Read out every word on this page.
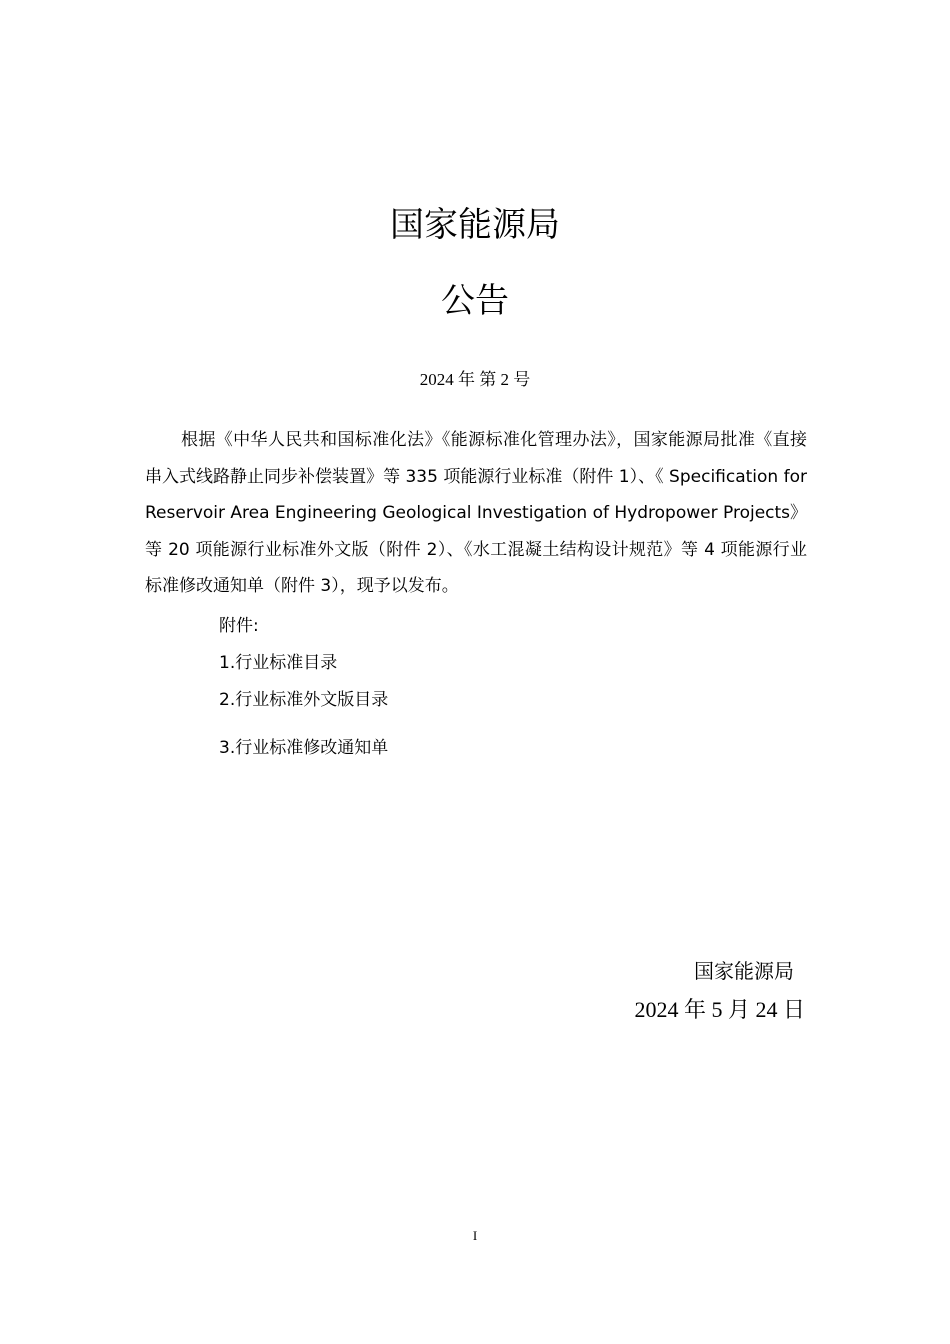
国家能源局
公告
2024 年 第 2 号

根据《中华人民共和国标准化法》《能源标准化管理办法》，国家能源局批准《直接串入式线路静止同步补偿装置》等 335 项能源行业标准（附件 1）、《 Specification for Reservoir Area Engineering Geological Investigation of Hydropower Projects》等 20 项能源行业标准外文版（附件 2）、《水工混凝土结构设计规范》等 4 项能源行业标准修改通知单（附件 3），现予以发布。

附件:
1.行业标准目录
2.行业标准外文版目录
3.行业标准修改通知单
国家能源局
2024 年 5 月 24 日
I
